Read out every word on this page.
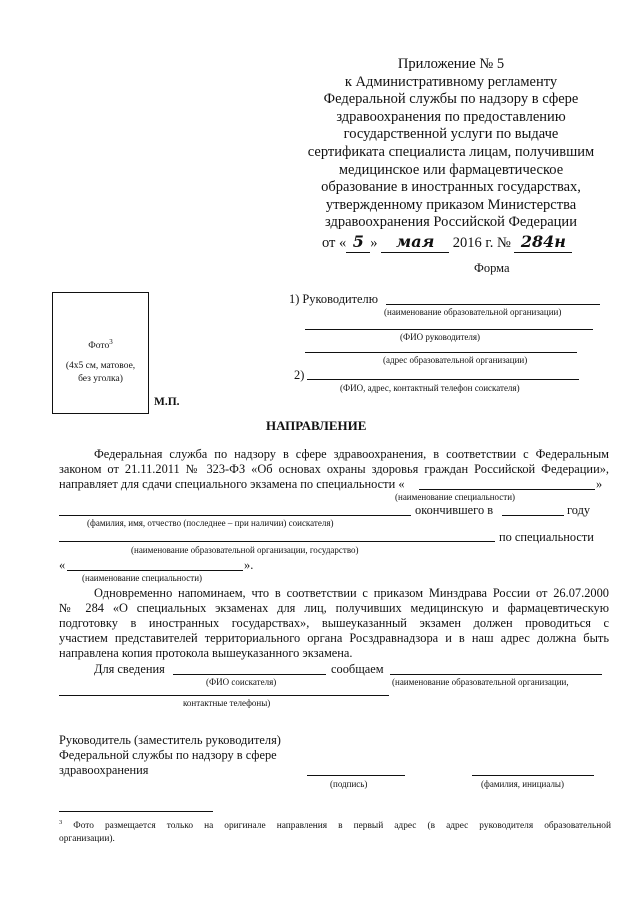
Приложение № 5
к Административному регламенту
Федеральной службы по надзору в сфере
здравоохранения по предоставлению
государственной услуги по выдаче
сертификата специалиста лицам, получившим
медицинское или фармацевтическое
образование в иностранных государствах,
утвержденному приказом Министерства
здравоохранения Российской Федерации
от « 5 » мая 2016 г. № 284н
Форма
Фото$^3$
(4х5 см, матовое,
без уголка)
М.П.
1) Руководителю
(наименование образовательной организации)
(ФИО руководителя)
(адрес образовательной организации)
2)
(ФИО, адрес, контактный телефон соискателя)
НАПРАВЛЕНИЕ
Федеральная служба по надзору в сфере здравоохранения, в соответствии с Федеральным
законом от 21.11.2011 № 323-ФЗ «Об основах охраны здоровья граждан Российской Федерации»,
направляет для сдачи специального экзамена по специальности «	»
(наименование специальности)
окончившего в	году
(фамилия, имя, отчество (последнее – при наличии) соискателя)
по специальности
(наименование образовательной организации, государство)
«	».
(наименование специальности)
Одновременно напоминаем, что в соответствии с приказом Минздрава России от 26.07.2000
№ 284 «О специальных экзаменах для лиц, получивших медицинскую и фармацевтическую
подготовку в иностранных государствах», вышеуказанный экзамен должен проводиться с
участием представителей территориального органа Росздравнадзора и в наш адрес должна быть
направлена копия протокола вышеуказанного экзамена.
Для сведения	сообщаем
(ФИО соискателя)	(наименование образовательной организации,
контактные телефоны)
Руководитель (заместитель руководителя)
Федеральной службы по надзору в сфере
здравоохранения
(подпись)	(фамилия, инициалы)
$^3$ Фото размещается только на оригинале направления в первый адрес (в адрес руководителя образовательной
организации).
